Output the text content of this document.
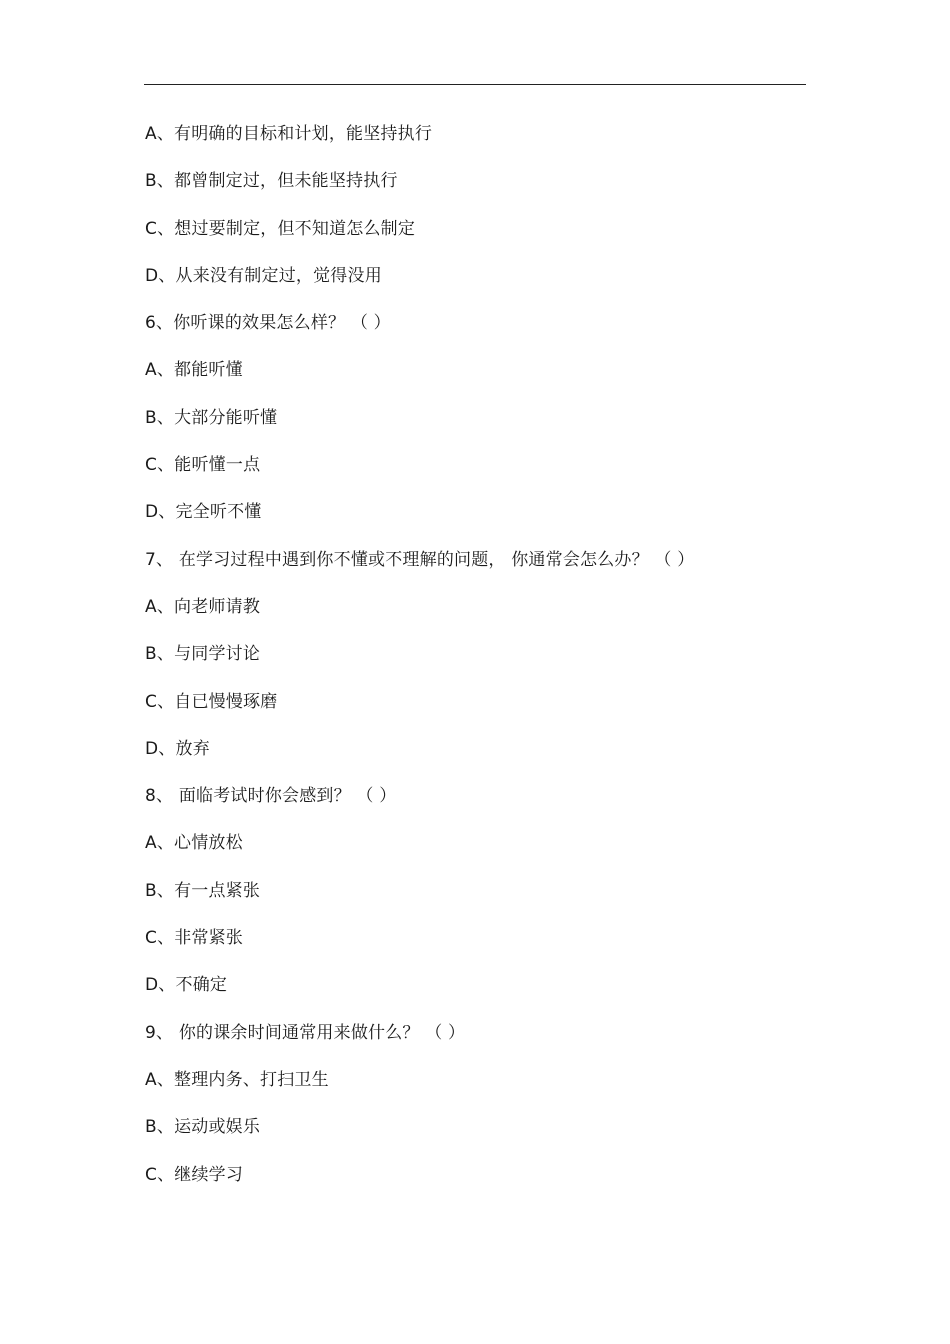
A、有明确的目标和计划，能坚持执行
B、都曾制定过，但未能坚持执行
C、想过要制定，但不知道怎么制定
D、从来没有制定过，觉得没用
6、你听课的效果怎么样？ （ ）
A、都能听懂
B、大部分能听懂
C、能听懂一点
D、完全听不懂
7、 在学习过程中遇到你不懂或不理解的问题， 你通常会怎么办？ （ ）
A、向老师请教
B、与同学讨论
C、自已慢慢琢磨
D、放弃
8、 面临考试时你会感到？ （ ）
A、心情放松
B、有一点紧张
C、非常紧张
D、不确定
9、 你的课余时间通常用来做什么？ （ ）
A、整理内务、打扫卫生
B、运动或娱乐
C、继续学习
